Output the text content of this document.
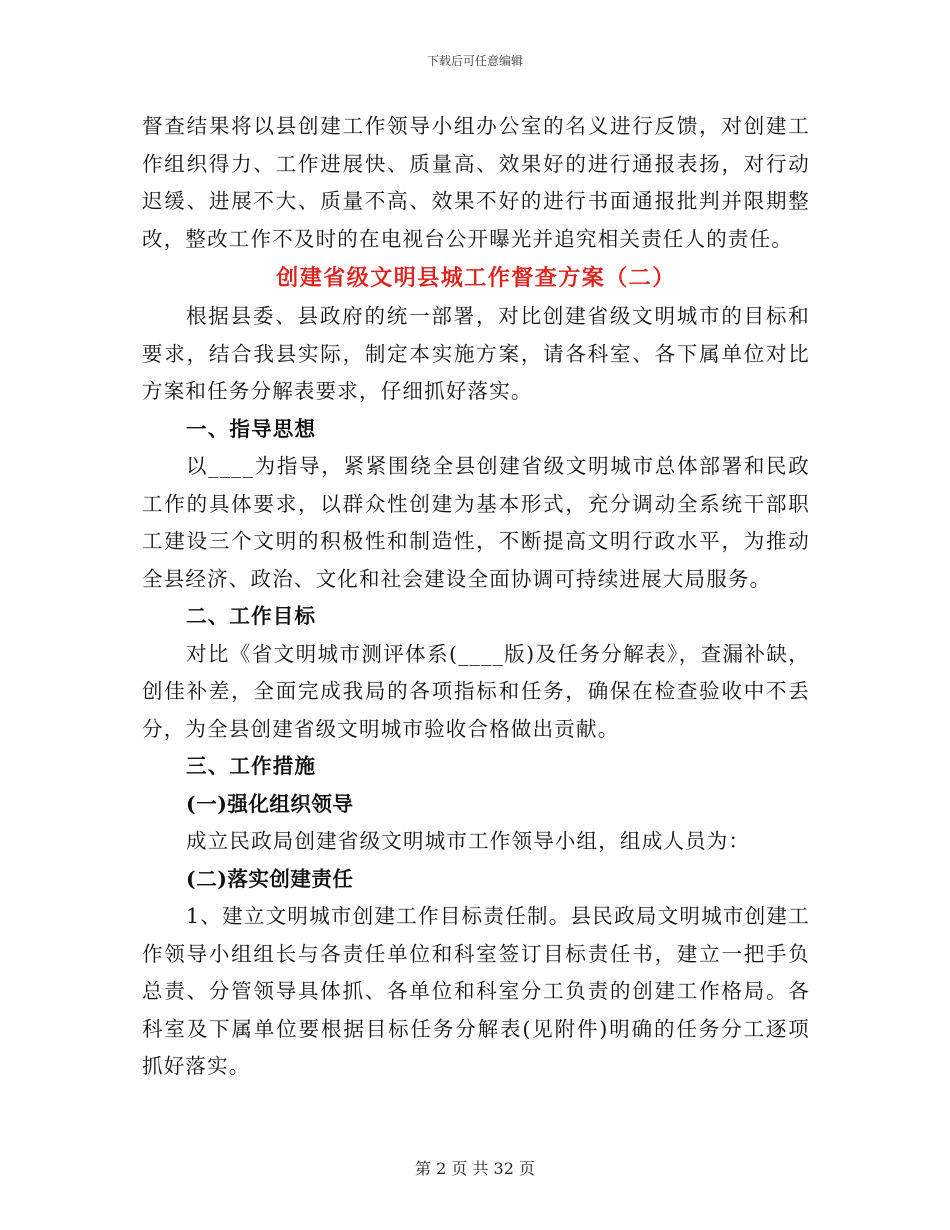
下载后可任意编辑

督查结果将以县创建工作领导小组办公室的名义进行反馈，对创建工作组织得力、工作进展快、质量高、效果好的进行通报表扬，对行动迟缓、进展不大、质量不高、效果不好的进行书面通报批判并限期整改，整改工作不及时的在电视台公开曝光并追究相关责任人的责任。

创建省级文明县城工作督查方案（二）

根据县委、县政府的统一部署，对比创建省级文明城市的目标和要求，结合我县实际，制定本实施方案，请各科室、各下属单位对比方案和任务分解表要求，仔细抓好落实。

一、指导思想

以____为指导，紧紧围绕全县创建省级文明城市总体部署和民政工作的具体要求，以群众性创建为基本形式，充分调动全系统干部职工建设三个文明的积极性和制造性，不断提高文明行政水平，为推动全县经济、政治、文化和社会建设全面协调可持续进展大局服务。

二、工作目标

对比《省文明城市测评体系(____版)及任务分解表》，查漏补缺，创佳补差，全面完成我局的各项指标和任务，确保在检查验收中不丢分，为全县创建省级文明城市验收合格做出贡献。

三、工作措施
(一)强化组织领导

成立民政局创建省级文明城市工作领导小组，组成人员为：

(二)落实创建责任

1、建立文明城市创建工作目标责任制。县民政局文明城市创建工作领导小组组长与各责任单位和科室签订目标责任书，建立一把手负总责、分管领导具体抓、各单位和科室分工负责的创建工作格局。各科室及下属单位要根据目标任务分解表(见附件)明确的任务分工逐项抓好落实。

第 2 页 共 32 页
